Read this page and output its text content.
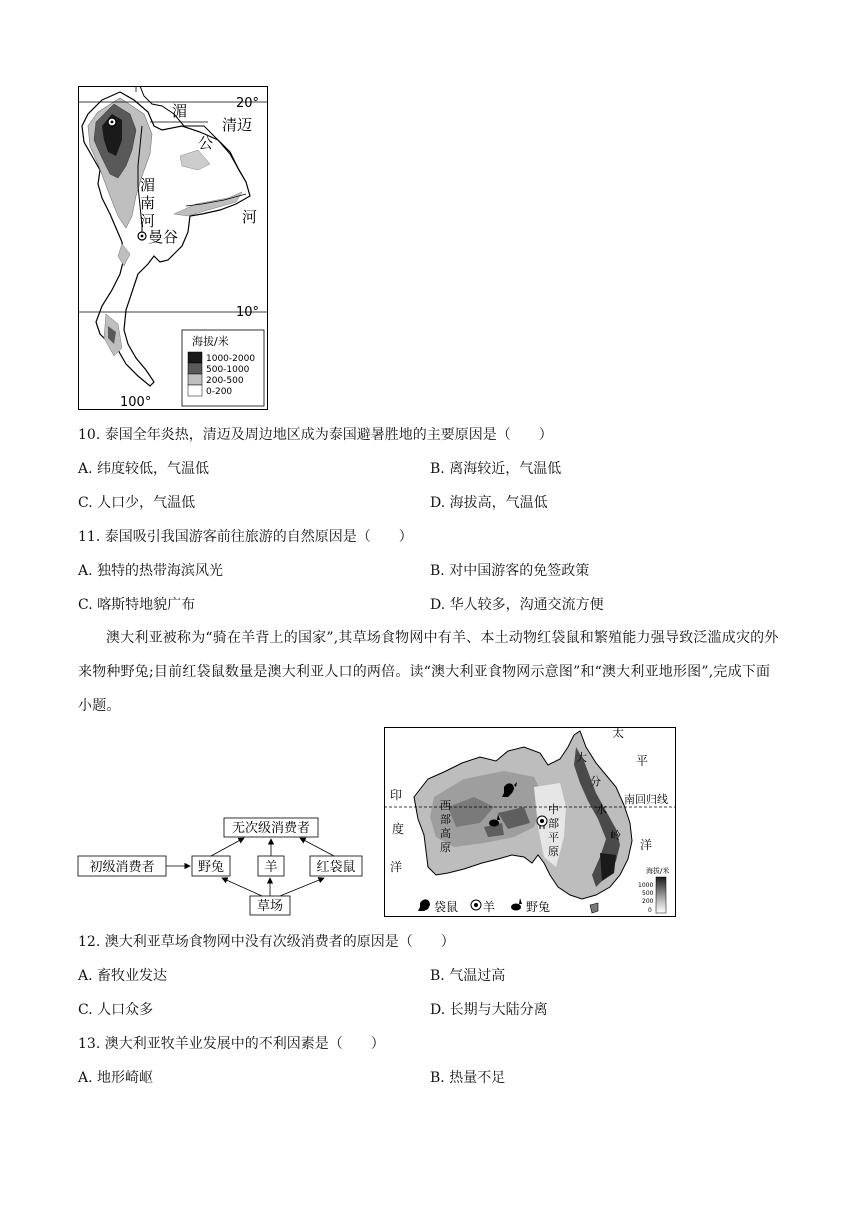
20°
湄
清迈
公
湄
南
河	河
曼谷
10°
100°
海拔/米
1000-2000
500-1000
200-500
0-200
10. 泰国全年炎热，清迈及周边地区成为泰国避暑胜地的主要原因是（　　）
A. 纬度较低，气温低	B. 离海较近，气温低
C. 人口少，气温低	D. 海拔高，气温低
11. 泰国吸引我国游客前往旅游的自然原因是（　　）
A. 独特的热带海滨风光	B. 对中国游客的免签政策
C. 喀斯特地貌广布	D. 华人较多，沟通交流方便
澳大利亚被称为“骑在羊背上的国家”,其草场食物网中有羊、本土动物红袋鼠和繁殖能力强导致泛滥成灾的外来物种野兔;目前红袋鼠数量是澳大利亚人口的两倍。读“澳大利亚食物网示意图”和“澳大利亚地形图”,完成下面小题。
无次级消费者
初级消费者	野兔	羊	红袋鼠
草场
太
平
南回归线
洋
印
度
洋
西
部
高
原
中
部
平
原
大
分
水
岭
海拔/米
1000
500
200
0
袋鼠 羊	野兔
12. 澳大利亚草场食物网中没有次级消费者的原因是（　　）
A. 畜牧业发达	B. 气温过高
C. 人口众多	D. 长期与大陆分离
13. 澳大利亚牧羊业发展中的不利因素是（　　）
A. 地形崎岖	B. 热量不足
